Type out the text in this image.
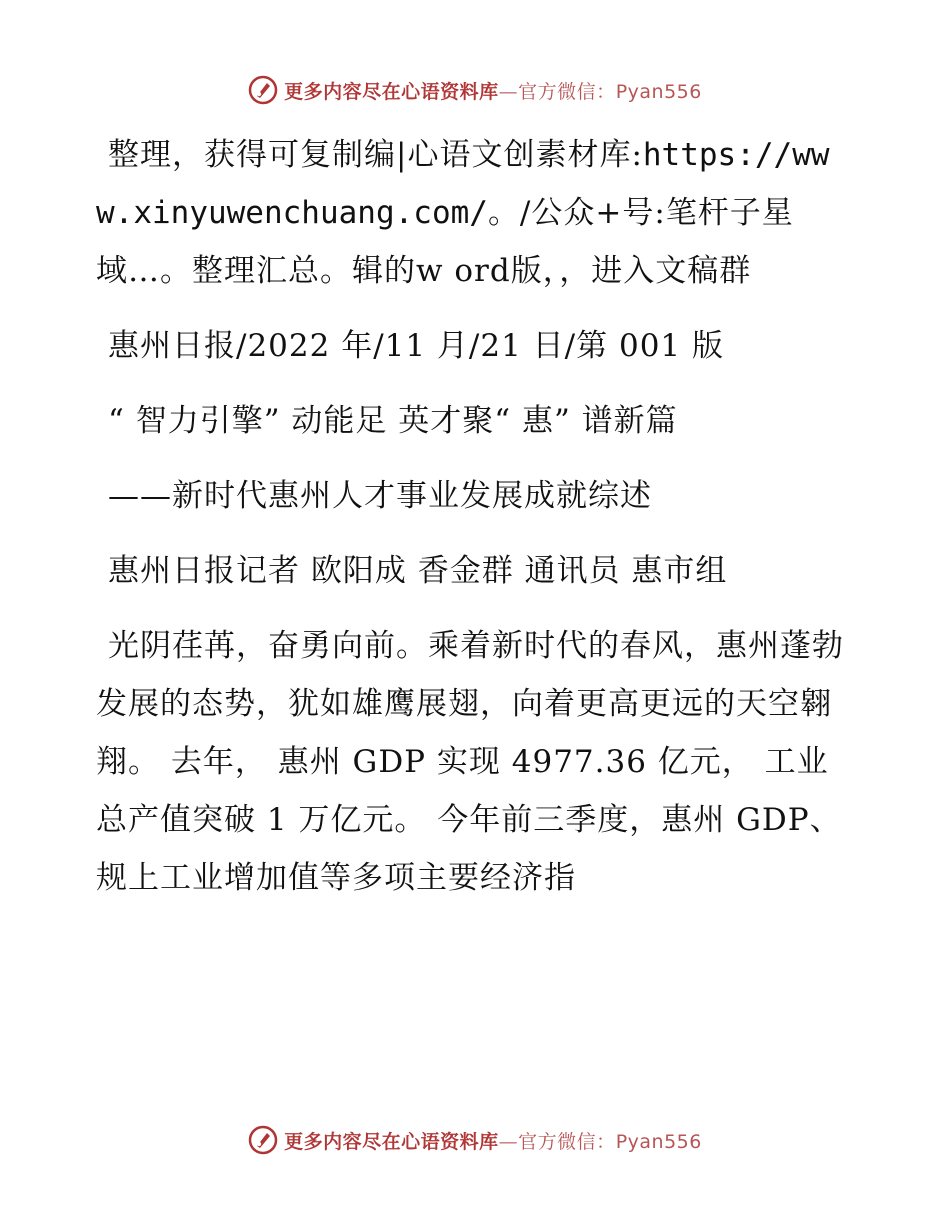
更多内容尽在心语资料库—官方微信：Pyan556

整理，获得可复制编|心语文创素材库:https://www.xinyuwenchuang.com/。/公众+号:笔杆子星域…。整理汇总。辑的w ord版，，进入文稿群

惠州日报/2022 年/11 月/21 日/第 001 版

“ 智力引擎” 动能足 英才聚“ 惠” 谱新篇

——新时代惠州人才事业发展成就综述

惠州日报记者 欧阳成 香金群 通讯员 惠市组

光阴荏苒，奋勇向前。乘着新时代的春风，惠州蓬勃发展的态势，犹如雄鹰展翅，向着更高更远的天空翱翔。 去年， 惠州 GDP 实现 4977.36 亿元， 工业总产值突破 1 万亿元。 今年前三季度，惠州 GDP、规上工业增加值等多项主要经济指

更多内容尽在心语资料库—官方微信：Pyan556
